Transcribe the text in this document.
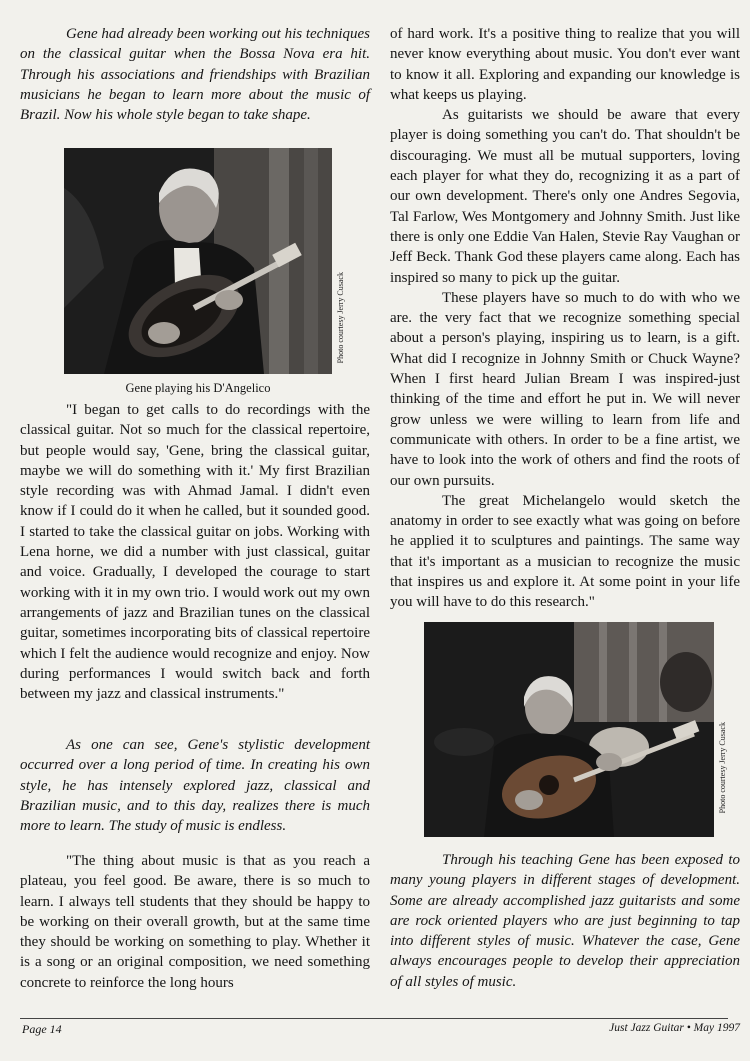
Gene had already been working out his techniques on the classical guitar when the Bossa Nova era hit. Through his associations and friendships with Brazilian musicians he began to learn more about the music of Brazil. Now his whole style began to take shape.

Photo courtesy Jerry Cusack
Gene playing his D'Angelico

"I began to get calls to do recordings with the classical guitar. Not so much for the classical repertoire, but people would say, 'Gene, bring the classical guitar, maybe we will do something with it.' My first Brazilian style recording was with Ahmad Jamal. I didn't even know if I could do it when he called, but it sounded good. I started to take the classical guitar on jobs. Working with Lena horne, we did a number with just classical, guitar and voice. Gradually, I developed the courage to start working with it in my own trio. I would work out my own arrangements of jazz and Brazilian tunes on the classical guitar, sometimes incorporating bits of classical repertoire which I felt the audience would recognize and enjoy. Now during performances I would switch back and forth between my jazz and classical instruments."

As one can see, Gene's stylistic development occurred over a long period of time. In creating his own style, he has intensely explored jazz, classical and Brazilian music, and to this day, realizes there is much more to learn. The study of music is endless.

"The thing about music is that as you reach a plateau, you feel good. Be aware, there is so much to learn. I always tell students that they should be happy to be working on their overall growth, but at the same time they should be working on something to play. Whether it is a song or an original composition, we need something concrete to reinforce the long hours

of hard work. It's a positive thing to realize that you will never know everything about music. You don't ever want to know it all. Exploring and expanding our knowledge is what keeps us playing.

As guitarists we should be aware that every player is doing something you can't do. That shouldn't be discouraging. We must all be mutual supporters, loving each player for what they do, recognizing it as a part of our own development. There's only one Andres Segovia, Tal Farlow, Wes Montgomery and Johnny Smith. Just like there is only one Eddie Van Halen, Stevie Ray Vaughan or Jeff Beck. Thank God these players came along. Each has inspired so many to pick up the guitar.

These players have so much to do with who we are. the very fact that we recognize something special about a person's playing, inspiring us to learn, is a gift. What did I recognize in Johnny Smith or Chuck Wayne? When I first heard Julian Bream I was inspired-just thinking of the time and effort he put in. We will never grow unless we were willing to learn from life and communicate with others. In order to be a fine artist, we have to look into the work of others and find the roots of our own pursuits.

The great Michelangelo would sketch the anatomy in order to see exactly what was going on before he applied it to sculptures and paintings. The same way that it's important as a musician to recognize the music that inspires us and explore it. At some point in your life you will have to do this research."

Photo courtesy Jerry Cusack

Through his teaching Gene has been exposed to many young players in different stages of development. Some are already accomplished jazz guitarists and some are rock oriented players who are just beginning to tap into different styles of music. Whatever the case, Gene always encourages people to develop their appreciation of all styles of music.

Page 14	Just Jazz Guitar • May 1997
